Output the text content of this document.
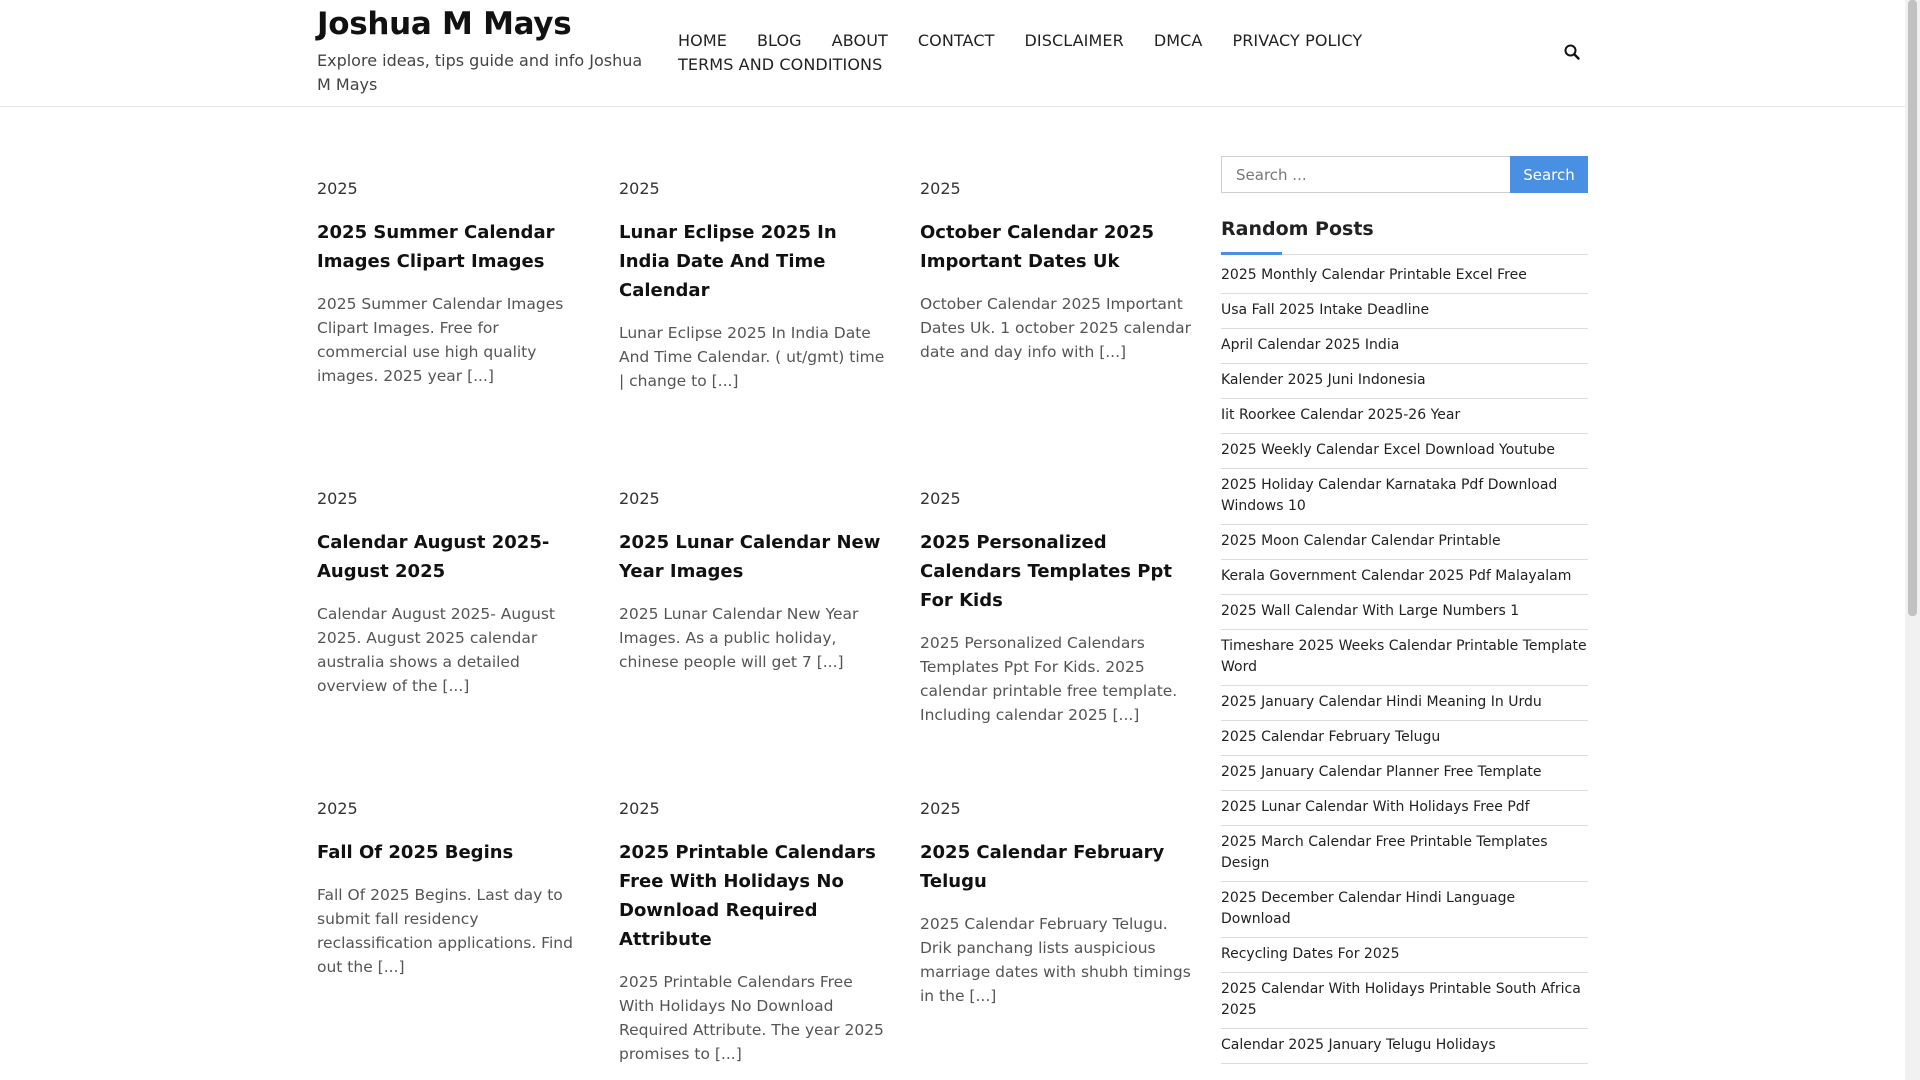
Joshua M Mays
Explore ideas, tips guide and info Joshua M Mays
HOME BLOG ABOUT CONTACT DISCLAIMER DMCA PRIVACY POLICY
TERMS AND CONDITIONS
2025
2025 Summer Calendar Images Clipart Images
2025 Summer Calendar Images Clipart Images. Free for commercial use high quality images. 2025 year [...]
2025
Lunar Eclipse 2025 In India Date And Time Calendar
Lunar Eclipse 2025 In India Date And Time Calendar. ( ut/gmt) time | change to [...]
2025
October Calendar 2025 Important Dates Uk
October Calendar 2025 Important Dates Uk. 1 october 2025 calendar date and day info with [...]
2025
Calendar August 2025- August 2025
Calendar August 2025- August 2025. August 2025 calendar australia shows a detailed overview of the [...]
2025
2025 Lunar Calendar New Year Images
2025 Lunar Calendar New Year Images. As a public holiday, chinese people will get 7 [...]
2025
2025 Personalized Calendars Templates Ppt For Kids
2025 Personalized Calendars Templates Ppt For Kids. 2025 calendar printable free template. Including calendar 2025 [...]
2025
Fall Of 2025 Begins
Fall Of 2025 Begins. Last day to submit fall residency reclassification applications. Find out the [...]
2025
2025 Printable Calendars Free With Holidays No Download Required Attribute
2025 Printable Calendars Free With Holidays No Download Required Attribute. The year 2025 promises to [...]
2025
2025 Calendar February Telugu
2025 Calendar February Telugu. Drik panchang lists auspicious marriage dates with shubh timings in the [...]
Search ...
Search
Random Posts
2025 Monthly Calendar Printable Excel Free
Usa Fall 2025 Intake Deadline
April Calendar 2025 India
Kalender 2025 Juni Indonesia
Iit Roorkee Calendar 2025-26 Year
2025 Weekly Calendar Excel Download Youtube
2025 Holiday Calendar Karnataka Pdf Download Windows 10
2025 Moon Calendar Calendar Printable
Kerala Government Calendar 2025 Pdf Malayalam
2025 Wall Calendar With Large Numbers 1
Timeshare 2025 Weeks Calendar Printable Template Word
2025 January Calendar Hindi Meaning In Urdu
2025 Calendar February Telugu
2025 January Calendar Planner Free Template
2025 Lunar Calendar With Holidays Free Pdf
2025 March Calendar Free Printable Templates Design
2025 December Calendar Hindi Language Download
Recycling Dates For 2025
2025 Calendar With Holidays Printable South Africa 2025
Calendar 2025 January Telugu Holidays
